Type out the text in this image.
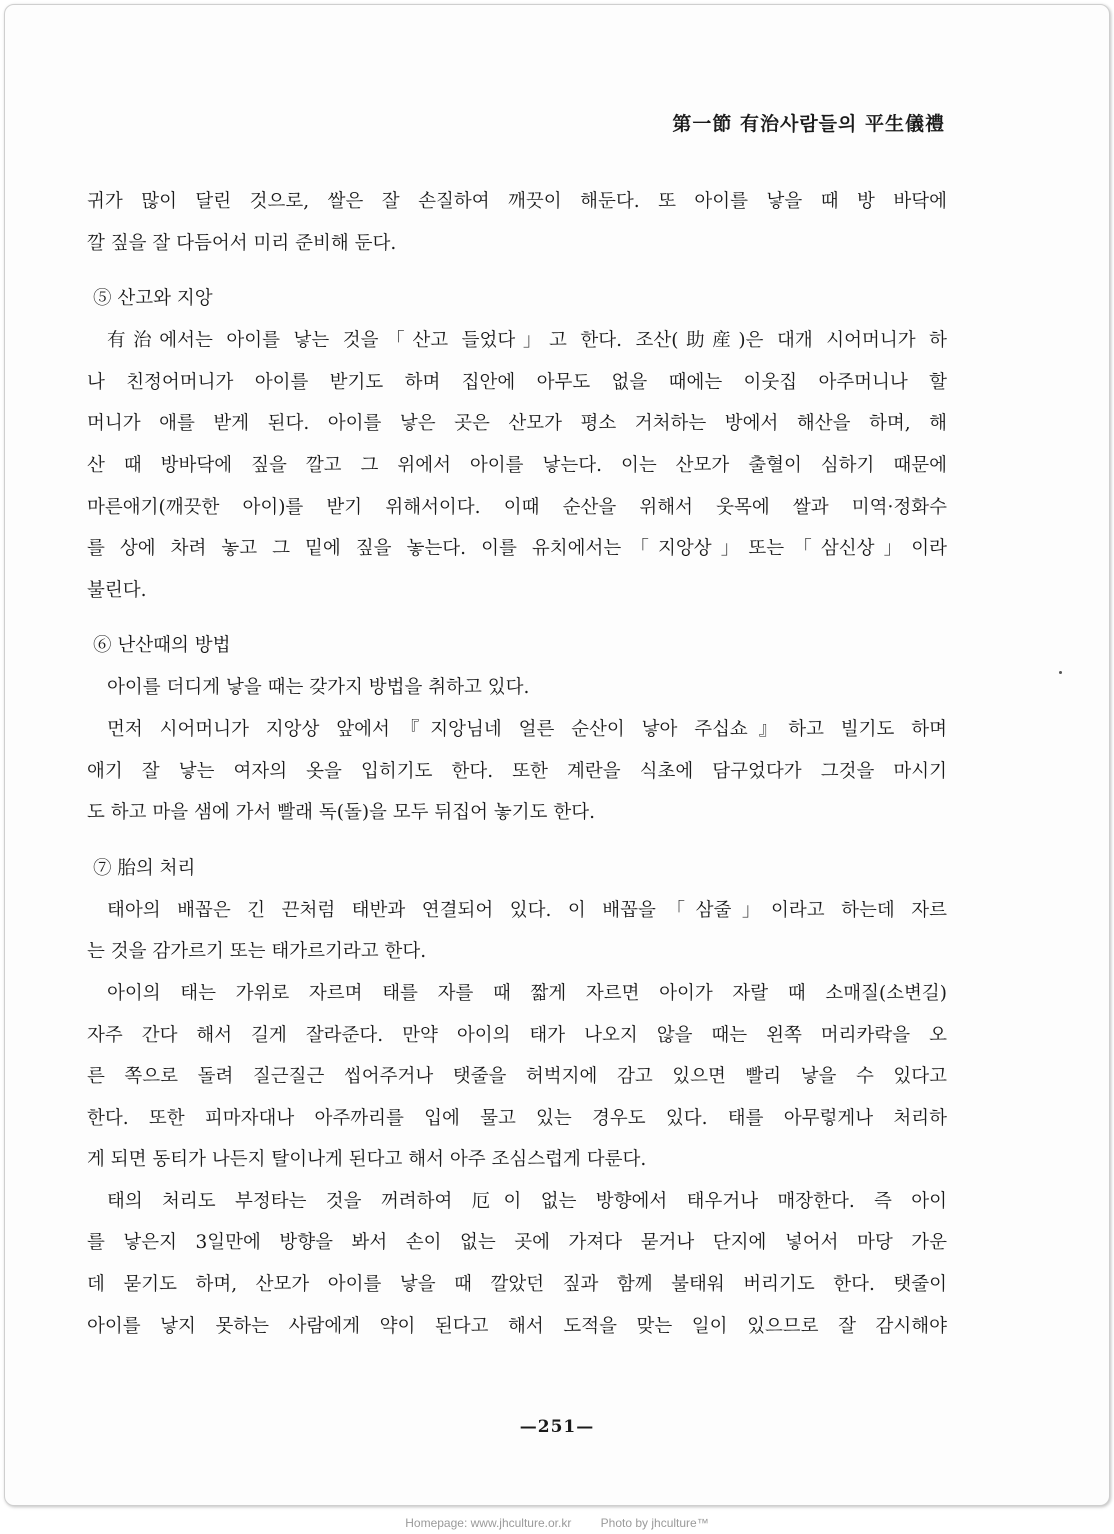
第一節 有治사람들의 平生儀禮
귀가 많이 달린 것으로, 쌀은 잘 손질하여 깨끗이 해둔다. 또 아이를 낳을 때 방 바닥에
깔 짚을 잘 다듬어서 미리 준비해 둔다.
⑤ 산고와 지앙
有治에서는 아이를 낳는 것을「산고 들었다」고 한다. 조산(助産)은 대개 시어머니가 하
나 친정어머니가 아이를 받기도 하며 집안에 아무도 없을 때에는 이웃집 아주머니나 할
머니가 애를 받게 된다. 아이를 낳은 곳은 산모가 평소 거처하는 방에서 해산을 하며, 해
산 때 방바닥에 짚을 깔고 그 위에서 아이를 낳는다. 이는 산모가 출혈이 심하기 때문에
마른애기(깨끗한 아이)를 받기 위해서이다. 이때 순산을 위해서 웃목에 쌀과 미역·정화수
를 상에 차려 놓고 그 밑에 짚을 놓는다. 이를 유치에서는「지앙상」또는「삼신상」이라
불린다.
⑥ 난산때의 방법
아이를 더디게 낳을 때는 갖가지 방법을 취하고 있다.
먼저 시어머니가 지앙상 앞에서『지앙님네 얼른 순산이 낳아 주십쇼』하고 빌기도 하며
애기 잘 낳는 여자의 옷을 입히기도 한다. 또한 계란을 식초에 담구었다가 그것을 마시기
도 하고 마을 샘에 가서 빨래 독(돌)을 모두 뒤집어 놓기도 한다.
⑦ 胎의 처리
태아의 배꼽은 긴 끈처럼 태반과 연결되어 있다. 이 배꼽을「삼줄」이라고 하는데 자르
는 것을 감가르기 또는 태가르기라고 한다.
아이의 태는 가위로 자르며 태를 자를 때 짧게 자르면 아이가 자랄 때 소매질(소변길)
자주 간다 해서 길게 잘라준다. 만약 아이의 태가 나오지 않을 때는 왼쪽 머리카락을 오
른 쪽으로 돌려 질근질근 씹어주거나 탯줄을 허벅지에 감고 있으면 빨리 낳을 수 있다고
한다. 또한 피마자대나 아주까리를 입에 물고 있는 경우도 있다. 태를 아무렇게나 처리하
게 되면 동티가 나든지 탈이나게 된다고 해서 아주 조심스럽게 다룬다.
태의 처리도 부정타는 것을 꺼려하여 厄이 없는 방향에서 태우거나 매장한다. 즉 아이
를 낳은지 3일만에 방향을 봐서 손이 없는 곳에 가져다 묻거나 단지에 넣어서 마당 가운
데 묻기도 하며, 산모가 아이를 낳을 때 깔았던 짚과 함께 불태워 버리기도 한다. 탯줄이
아이를 낳지 못하는 사람에게 약이 된다고 해서 도적을 맞는 일이 있으므로 잘 감시해야
—251—
Homepage: www.jhculture.or.kr Photo by jhculture™
